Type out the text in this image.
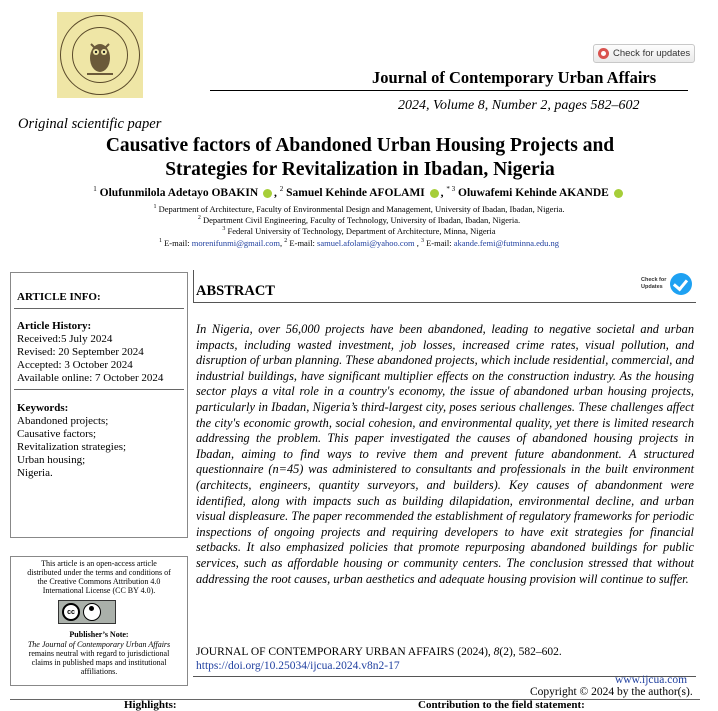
Check for updates
Journal of Contemporary Urban Affairs
2024, Volume 8, Number 2, pages 582–602
Original scientific paper
Causative factors of Abandoned Urban Housing Projects and
Strategies for Revitalization in Ibadan, Nigeria
$^1$ Olufunmilola Adetayo OBAKIN , $^2$ Samuel Kehinde AFOLAMI , $^{* 3}$ Oluwafemi Kehinde AKANDE
$^1$ Department of Architecture, Faculty of Environmental Design and Management, University of Ibadan, Ibadan, Nigeria.
$^2$ Department Civil Engineering, Faculty of Technology, University of Ibadan, Ibadan, Nigeria.
$^3$ Federal University of Technology, Department of Architecture, Minna, Nigeria
$^1$ E-mail: morenifunmi@gmail.com, $^2$ E-mail: samuel.afolami@yahoo.com , $^3$ E-mail: akande.femi@futminna.edu.ng
ARTICLE INFO:
Article History:
Received:5 July 2024
Revised: 20 September 2024
Accepted: 3 October 2024
Available online: 7 October 2024
Keywords:
Abandoned projects;
Causative factors;
Revitalization strategies;
Urban housing;
Nigeria.
This article is an open-access article
distributed under the terms and conditions of
the Creative Commons Attribution 4.0
International License (CC BY 4.0).
cc
Publisher’s Note:
The Journal of Contemporary Urban Affairs
remains neutral with regard to jurisdictional
claims in published maps and institutional
affiliations.
ABSTRACT
Check for Updates
In Nigeria, over 56,000 projects have been abandoned, leading to negative societal and urban impacts, including wasted investment, job losses, increased crime rates, visual pollution, and disruption of urban planning. These abandoned projects, which include residential, commercial, and industrial buildings, have significant multiplier effects on the construction industry. As the housing sector plays a vital role in a country's economy, the issue of abandoned urban housing projects, particularly in Ibadan, Nigeria’s third-largest city, poses serious challenges. These challenges affect the city's economic growth, social cohesion, and environmental quality, yet there is limited research addressing the problem. This paper investigated the causes of abandoned housing projects in Ibadan, aiming to find ways to revive them and prevent future abandonment. A structured questionnaire (n=45) was administered to consultants and professionals in the built environment (architects, engineers, quantity surveyors, and builders). Key causes of abandonment were identified, along with impacts such as building dilapidation, environmental decline, and urban visual displeasure. The paper recommended the establishment of regulatory frameworks for periodic inspections of ongoing projects and requiring developers to have exit strategies for financial setbacks. It also emphasized policies that promote repurposing abandoned buildings for public services, such as affordable housing or community centers. The conclusion stressed that without addressing the root causes, urban aesthetics and adequate housing provision will continue to suffer.
JOURNAL OF CONTEMPORARY URBAN AFFAIRS (2024), 8(2), 582–602.
https://doi.org/10.25034/ijcua.2024.v8n2-17
www.ijcua.com
Copyright © 2024 by the author(s).
Highlights:	Contribution to the field statement:
